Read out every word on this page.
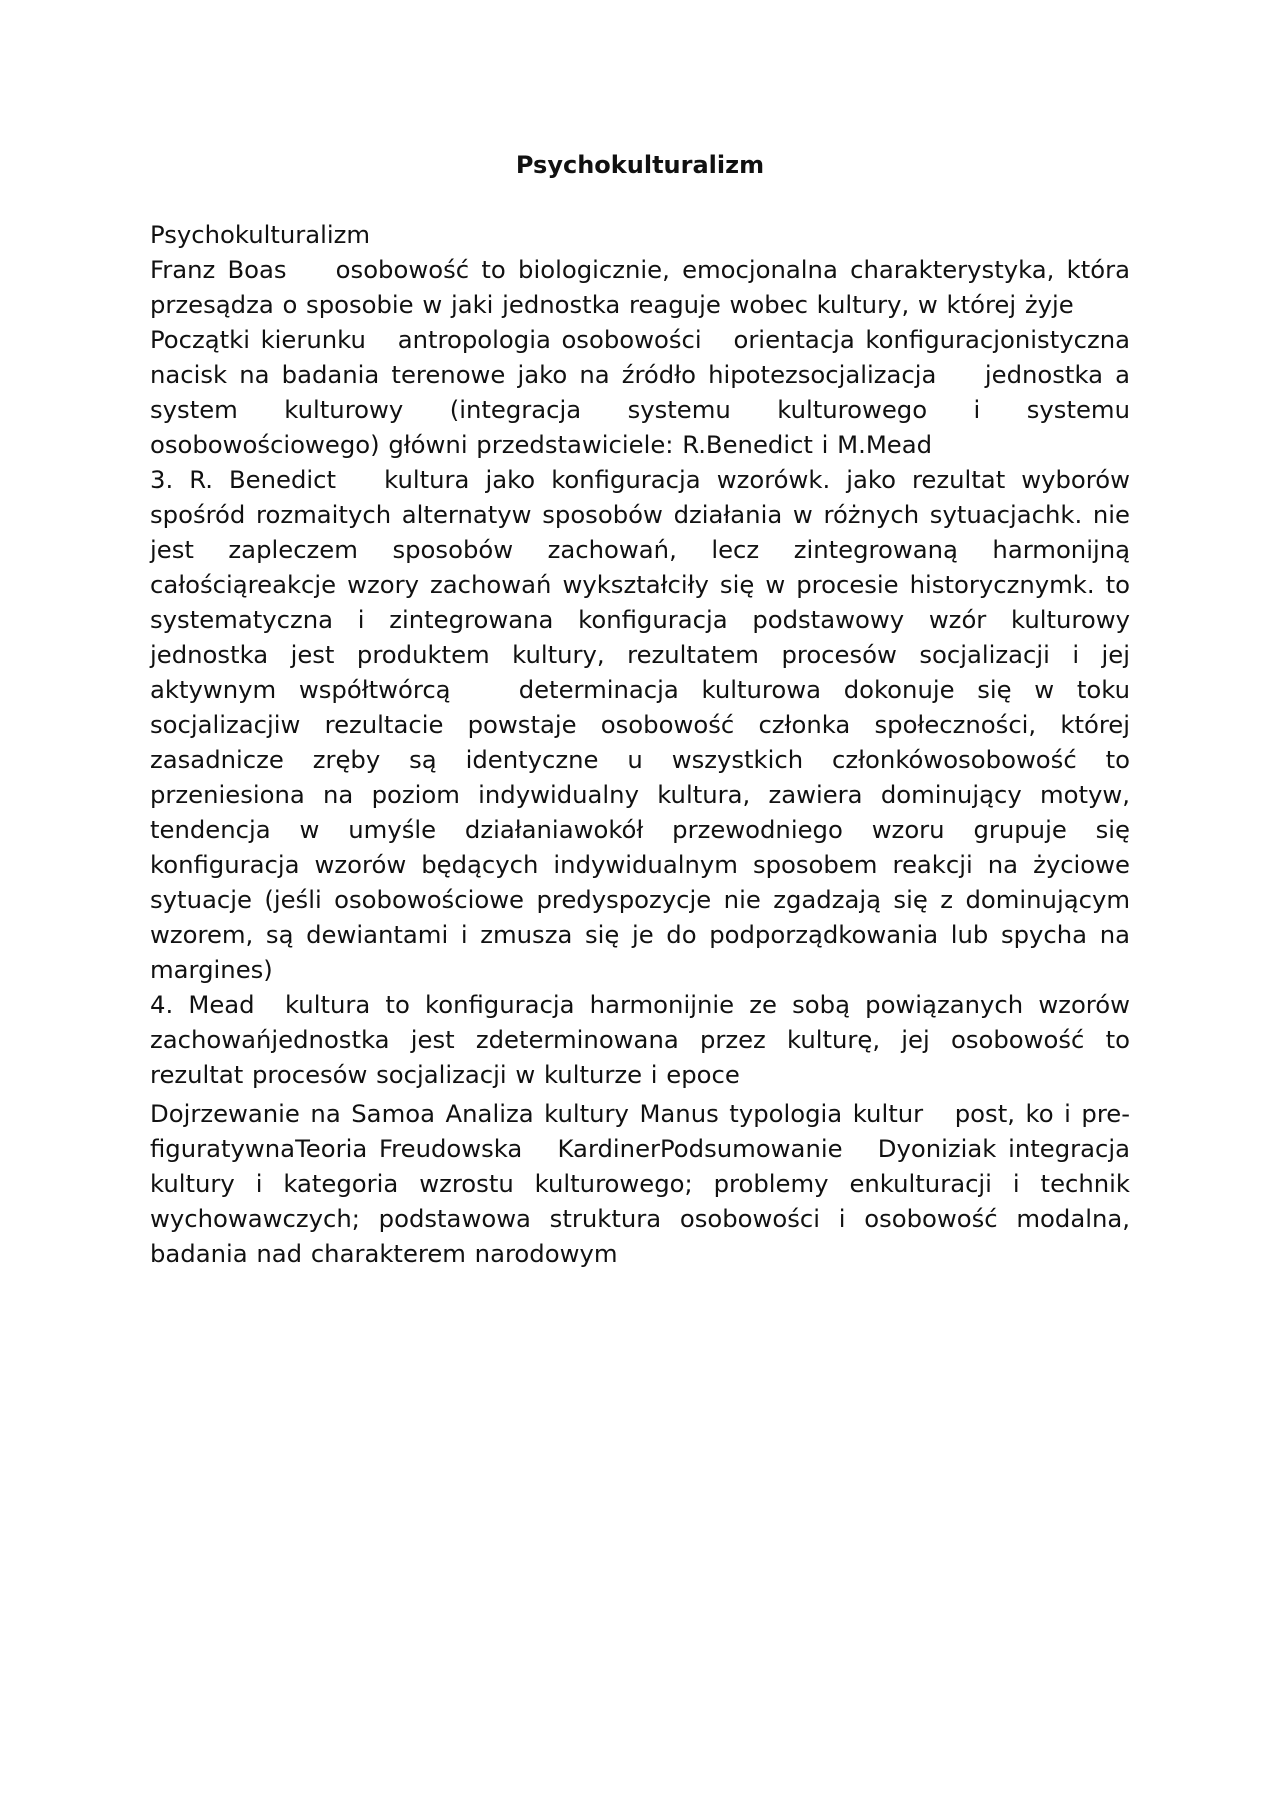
Psychokulturalizm

Psychokulturalizm

Franz Boas    osobowość to biologicznie, emocjonalna charakterystyka, która przesądza o sposobie w jaki jednostka reaguje wobec kultury, w której żyje

Początki kierunku   antropologia osobowości   orientacja konfiguracjonistyczna nacisk na badania terenowe jako na źródło hipotezsocjalizacja    jednostka a system kulturowy (integracja systemu kulturowego i systemu osobowościowego) główni przedstawiciele: R.Benedict i M.Mead

3. R. Benedict   kultura jako konfiguracja wzorówk. jako rezultat wyborów spośród rozmaitych alternatyw sposobów działania w różnych sytuacjachk. nie jest zapleczem sposobów zachowań, lecz zintegrowaną harmonijną całościąreakcje wzory zachowań wykształciły się w procesie historycznymk. to systematyczna i zintegrowana konfiguracja podstawowy wzór kulturowy jednostka jest produktem kultury, rezultatem procesów socjalizacji i jej aktywnym współtwórcą   determinacja kulturowa dokonuje się w toku socjalizacjiw rezultacie powstaje osobowość członka społeczności, której zasadnicze zręby są identyczne u wszystkich członkówosobowość to przeniesiona na poziom indywidualny kultura, zawiera dominujący motyw, tendencja w umyśle działaniawokół przewodniego wzoru grupuje się konfiguracja wzorów będących indywidualnym sposobem reakcji na życiowe sytuacje (jeśli osobowościowe predyspozycje nie zgadzają się z dominującym wzorem, są dewiantami i zmusza się je do podporządkowania lub spycha na margines)

4. Mead  kultura to konfiguracja harmonijnie ze sobą powiązanych wzorów zachowańjednostka jest zdeterminowana przez kulturę, jej osobowość to rezultat procesów socjalizacji w kulturze i epoce

Dojrzewanie na Samoa Analiza kultury Manus typologia kultur   post, ko i pre-figuratywnaTeoria Freudowska   KardinerPodsumowanie   Dyoniziak integracja kultury i kategoria wzrostu kulturowego; problemy enkulturacji i technik wychowawczych; podstawowa struktura osobowości i osobowość modalna, badania nad charakterem narodowym
